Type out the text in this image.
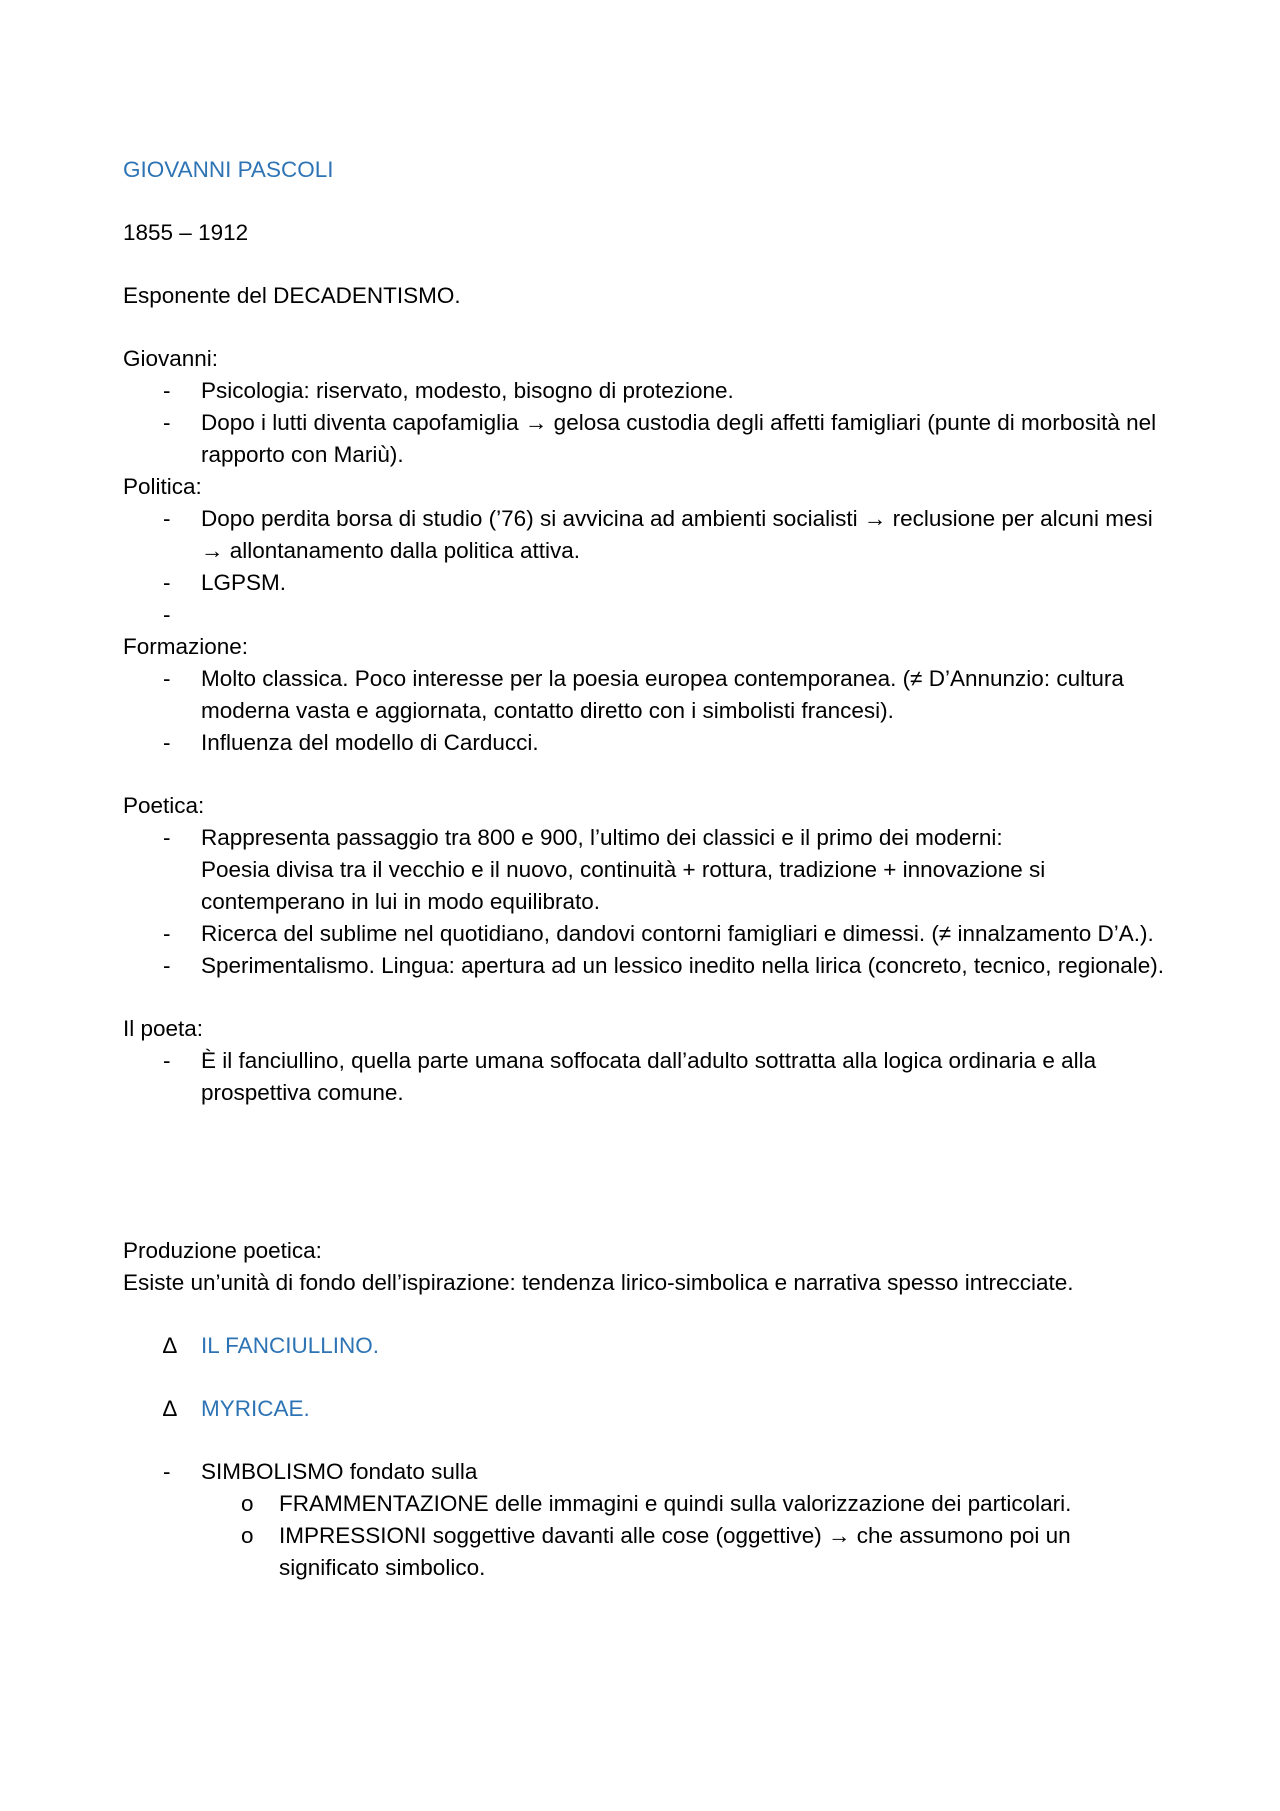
GIOVANNI PASCOLI

1855 – 1912

Esponente del DECADENTISMO.

Giovanni:

-	Psicologia: riservato, modesto, bisogno di protezione.
-	Dopo i lutti diventa capofamiglia → gelosa custodia degli affetti famigliari (punte di morbosità nel rapporto con Mariù).

Politica:

-	Dopo perdita borsa di studio (’76) si avvicina ad ambienti socialisti → reclusione per alcuni mesi → allontanamento dalla politica attiva.
-	LGPSM.
-

Formazione:

-	Molto classica. Poco interesse per la poesia europea contemporanea. (≠ D’Annunzio: cultura moderna vasta e aggiornata, contatto diretto con i simbolisti francesi).
-	Influenza del modello di Carducci.

Poetica:

-	Rappresenta passaggio tra 800 e 900, l’ultimo dei classici e il primo dei moderni:
Poesia divisa tra il vecchio e il nuovo, continuità + rottura, tradizione + innovazione si contemperano in lui in modo equilibrato.
-	Ricerca del sublime nel quotidiano, dandovi contorni famigliari e dimessi. (≠ innalzamento D’A.).
-	Sperimentalismo. Lingua: apertura ad un lessico inedito nella lirica (concreto, tecnico, regionale).

Il poeta:

-	È il fanciullino, quella parte umana soffocata dall’adulto sottratta alla logica ordinaria e alla prospettiva comune.

Produzione poetica:

Esiste un’unità di fondo dell’ispirazione: tendenza lirico-simbolica e narrativa spesso intrecciate.

∆	IL FANCIULLINO.
∆	MYRICAE.
-	SIMBOLISMO fondato sulla
o	FRAMMENTAZIONE delle immagini e quindi sulla valorizzazione dei particolari.
o	IMPRESSIONI soggettive davanti alle cose (oggettive) → che assumono poi un significato simbolico.
